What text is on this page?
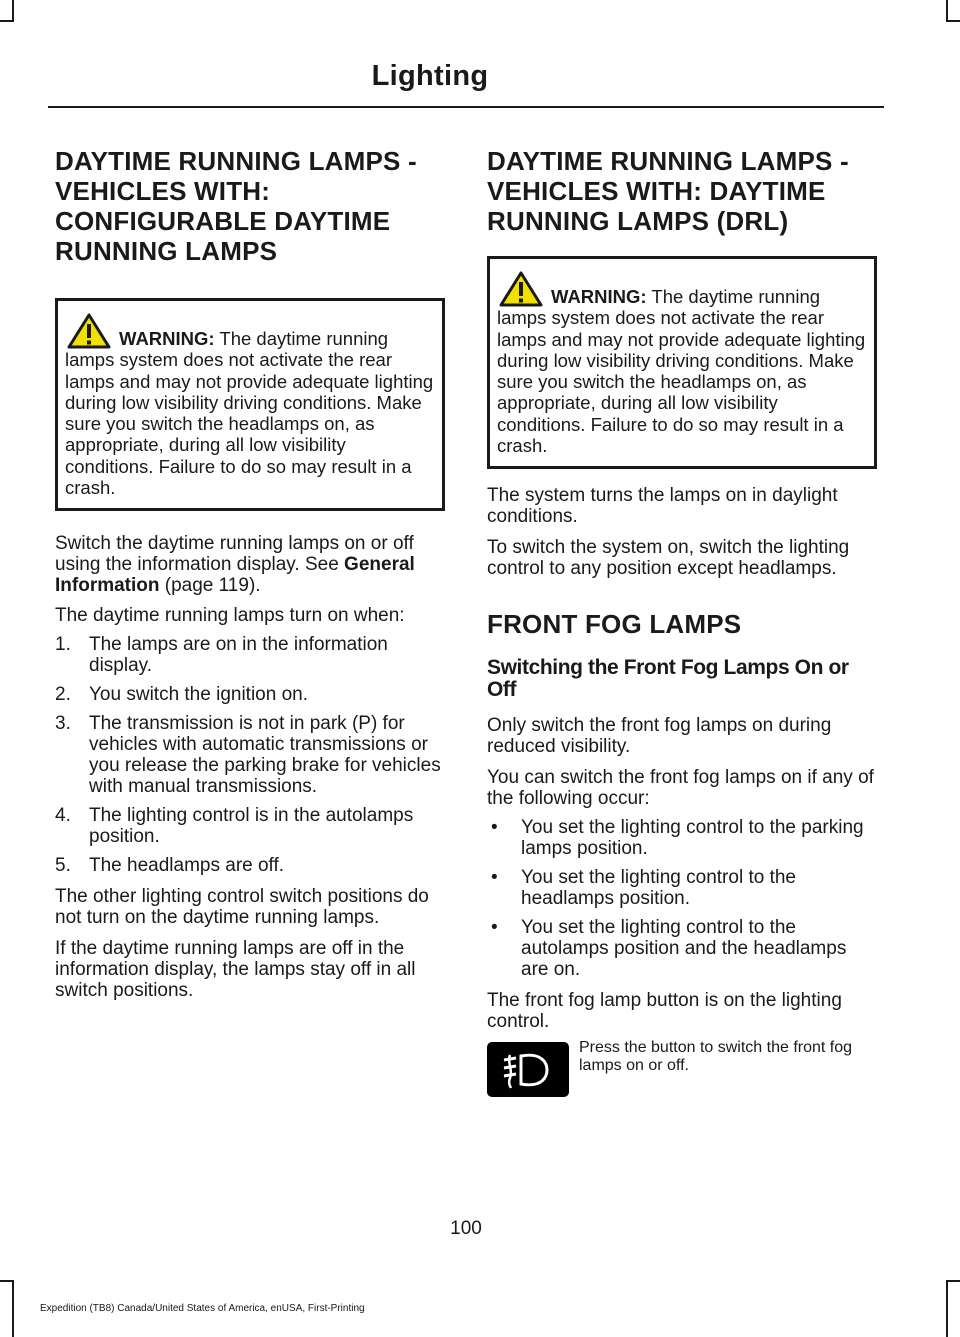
Lighting
DAYTIME RUNNING LAMPS - VEHICLES WITH: CONFIGURABLE DAYTIME RUNNING LAMPS
WARNING: The daytime running lamps system does not activate the rear lamps and may not provide adequate lighting during low visibility driving conditions. Make sure you switch the headlamps on, as appropriate, during all low visibility conditions. Failure to do so may result in a crash.

Switch the daytime running lamps on or off using the information display. See General Information (page 119).

The daytime running lamps turn on when:

1. The lamps are on in the information display.
2. You switch the ignition on.
3. The transmission is not in park (P) for vehicles with automatic transmissions or you release the parking brake for vehicles with manual transmissions.
4. The lighting control is in the autolamps position.
5. The headlamps are off.

The other lighting control switch positions do not turn on the daytime running lamps.

If the daytime running lamps are off in the information display, the lamps stay off in all switch positions.

DAYTIME RUNNING LAMPS - VEHICLES WITH: DAYTIME RUNNING LAMPS (DRL)
WARNING: The daytime running lamps system does not activate the rear lamps and may not provide adequate lighting during low visibility driving conditions. Make sure you switch the headlamps on, as appropriate, during all low visibility conditions. Failure to do so may result in a crash.

The system turns the lamps on in daylight conditions.

To switch the system on, switch the lighting control to any position except headlamps.

FRONT FOG LAMPS
Switching the Front Fog Lamps On or Off

Only switch the front fog lamps on during reduced visibility.

You can switch the front fog lamps on if any of the following occur:

• You set the lighting control to the parking lamps position.
• You set the lighting control to the headlamps position.
• You set the lighting control to the autolamps position and the headlamps are on.

The front fog lamp button is on the lighting control.

Press the button to switch the front fog lamps on or off.
100
Expedition (TB8) Canada/United States of America, enUSA, First-Printing
